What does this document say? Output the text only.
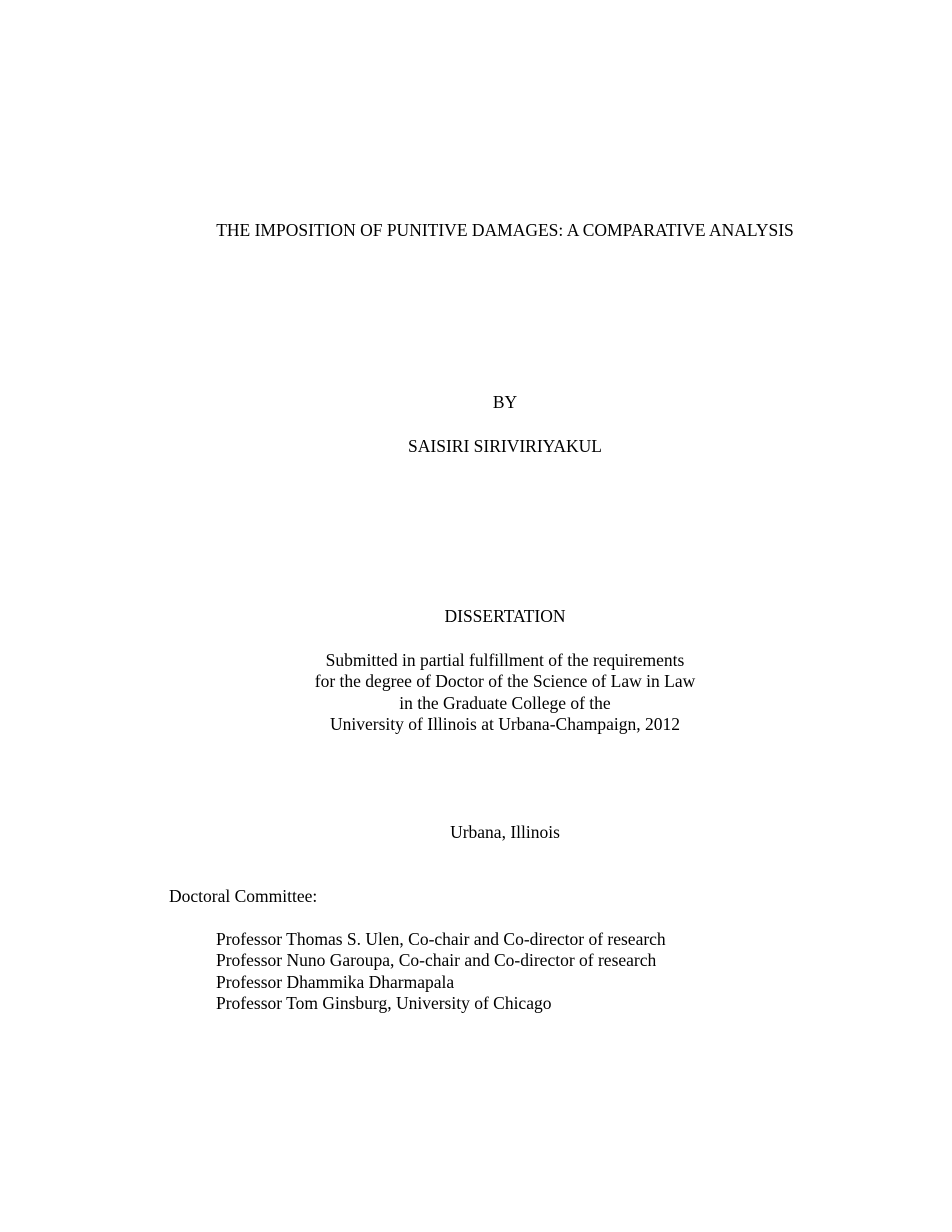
THE IMPOSITION OF PUNITIVE DAMAGES: A COMPARATIVE ANALYSIS
BY
SAISIRI SIRIVIRIYAKUL
DISSERTATION
Submitted in partial fulfillment of the requirements
for the degree of Doctor of the Science of Law in Law
in the Graduate College of the
University of Illinois at Urbana-Champaign, 2012
Urbana, Illinois
Doctoral Committee:
Professor Thomas S. Ulen, Co-chair and Co-director of research
Professor Nuno Garoupa, Co-chair and Co-director of research
Professor Dhammika Dharmapala
Professor Tom Ginsburg, University of Chicago
